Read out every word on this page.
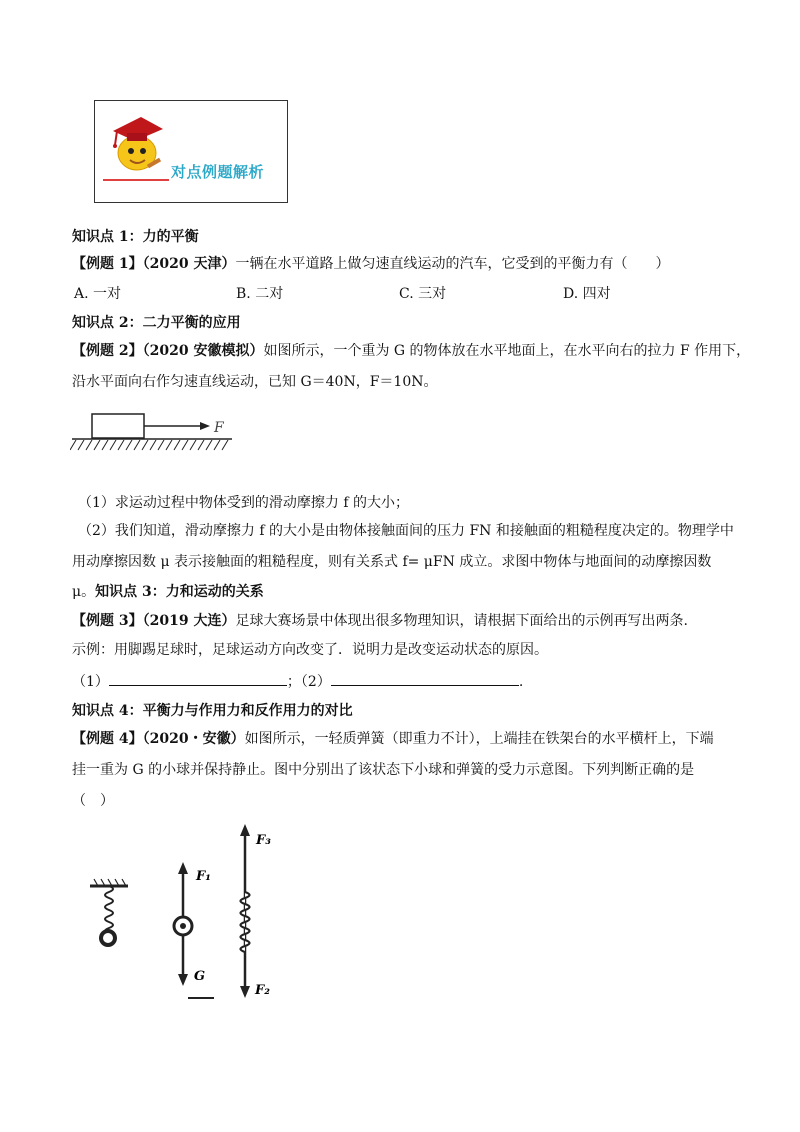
对点例题解析
知识点 1：力的平衡
【例题 1】（2020 天津）一辆在水平道路上做匀速直线运动的汽车，它受到的平衡力有（　　）
A. 一对	B. 二对	C. 三对	D. 四对
知识点 2：二力平衡的应用
【例题 2】（2020 安徽模拟）如图所示，一个重为 G 的物体放在水平地面上，在水平向右的拉力 F 作用下，
沿水平面向右作匀速直线运动，已知 G＝40N，F＝10N。
F
（1）求运动过程中物体受到的滑动摩擦力 f 的大小；
（2）我们知道，滑动摩擦力 f 的大小是由物体接触面间的压力 FN 和接触面的粗糙程度决定的。物理学中
用动摩擦因数 μ 表示接触面的粗糙程度，则有关系式 f= μFN 成立。求图中物体与地面间的动摩擦因数
μ。知识点 3：力和运动的关系
【例题 3】（2019 大连）足球大赛场景中体现出很多物理知识，请根据下面给出的示例再写出两条.
示例：用脚踢足球时，足球运动方向改变了．说明力是改变运动状态的原因。
（1）	；（2）	.
知识点 4：平衡力与作用力和反作用力的对比
【例题 4】（2020・安徽）如图所示，一轻质弹簧（即重力不计），上端挂在铁架台的水平横杆上，下端
挂一重为 G 的小球并保持静止。图中分别出了该状态下小球和弹簧的受力示意图。下列判断正确的是
（　）
F₁
G
F₃
F₂
